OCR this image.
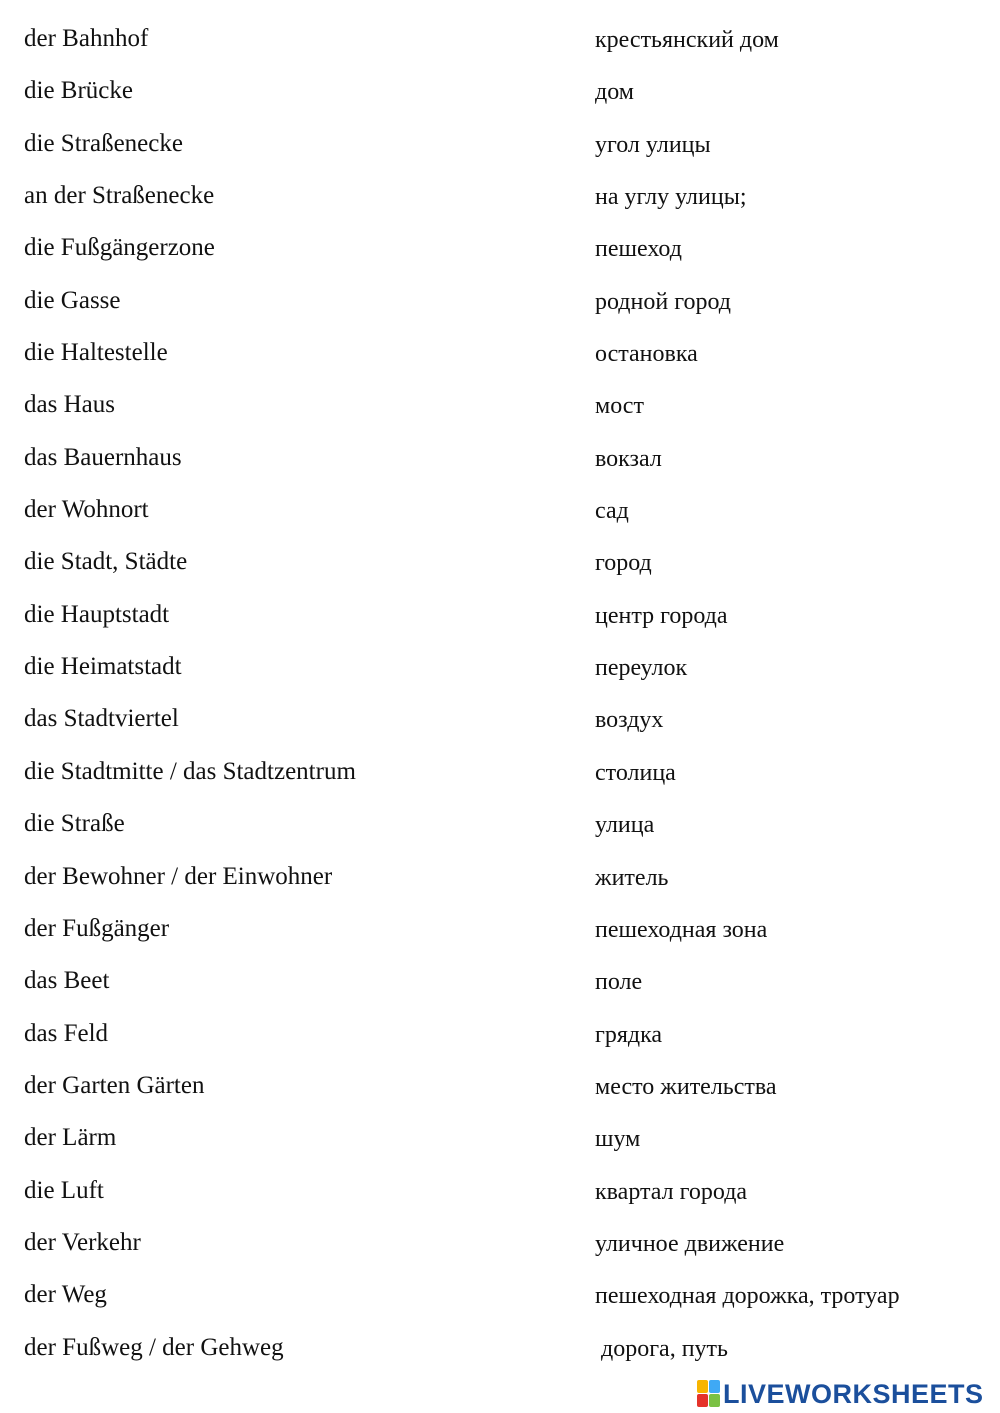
der Bahnhof	крестьянский дом
die Brücke	дом
die Straßenecke	угол улицы
an der Straßenecke	на углу улицы;
die Fußgängerzone	пешеход
die Gasse	родной город
die Haltestelle	остановка
das Haus	мост
das Bauernhaus	вокзал
der Wohnort	сад
die Stadt, Städte	город
die Hauptstadt	центр города
die Heimatstadt	переулок
das Stadtviertel	воздух
die Stadtmitte / das Stadtzentrum	столица
die Straße	улица
der Bewohner / der Einwohner	житель
der Fußgänger	пешеходная зона
das Beet	поле
das Feld	грядка
der Garten Gärten	место жительства
der Lärm	шум
die Luft	квартал города
der Verkehr	уличное движение
der Weg	пешеходная дорожка, тротуар
der Fußweg / der Gehweg	дорога, путь
LIVEWORKSHEETS
